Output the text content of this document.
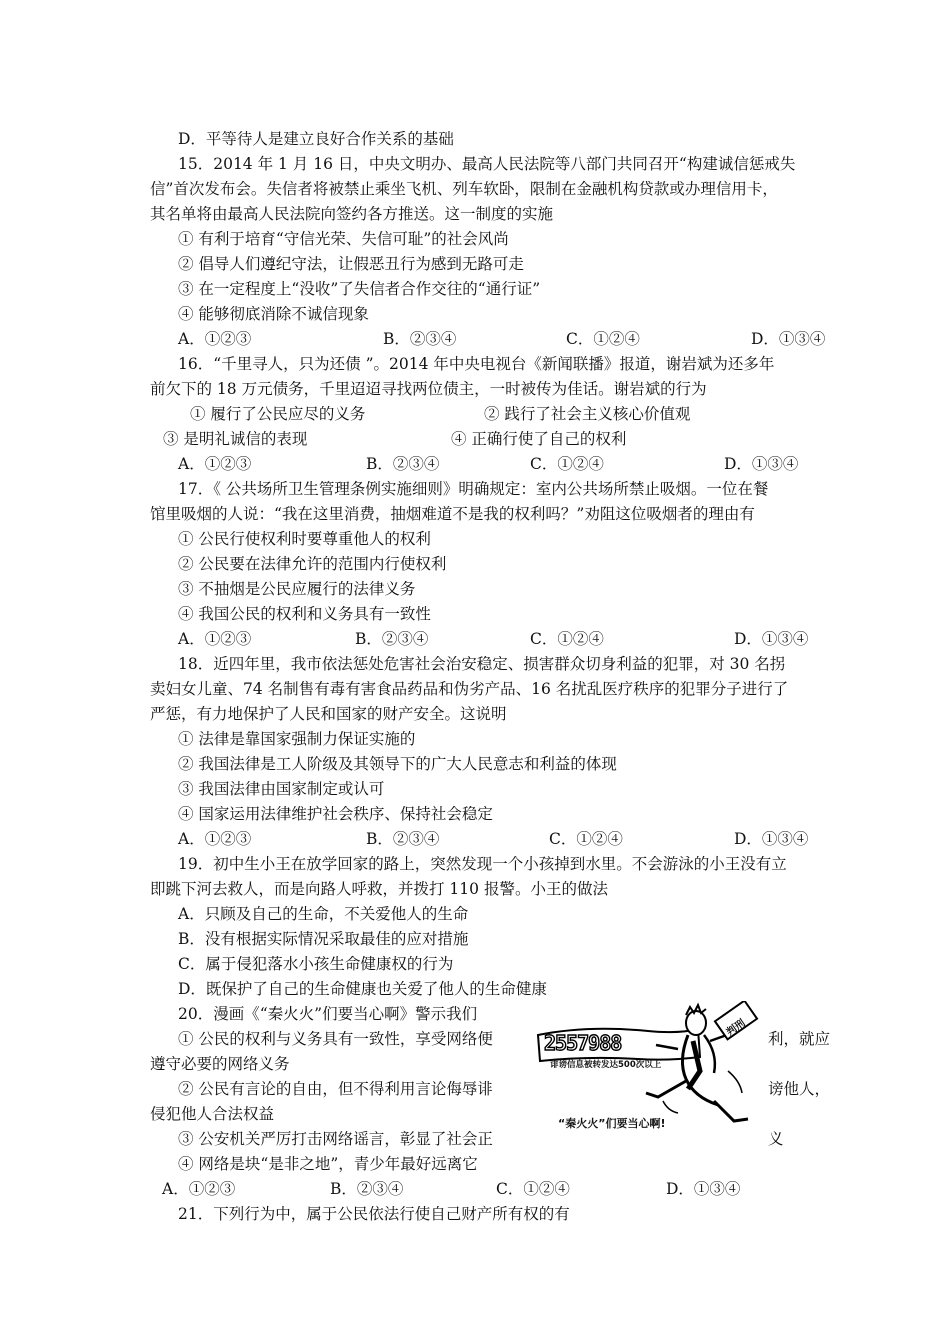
D．平等待人是建立良好合作关系的基础
15．2014 年 1 月 16 日，中央文明办、最高人民法院等八部门共同召开“构建诚信惩戒失
信”首次发布会。失信者将被禁止乘坐飞机、列车软卧，限制在金融机构贷款或办理信用卡，
其名单将由最高人民法院向签约各方推送。这一制度的实施
① 有利于培育“守信光荣、失信可耻”的社会风尚
② 倡导人们遵纪守法，让假恶丑行为感到无路可走
③ 在一定程度上“没收”了失信者合作交往的“通行证”
④ 能够彻底消除不诚信现象
A．①②③	B．②③④	C．①②④	D．①③④
16．“千里寻人，只为还债 ”。2014 年中央电视台《新闻联播》报道，谢岩斌为还多年
前欠下的 18 万元债务，千里迢迢寻找两位债主，一时被传为佳话。谢岩斌的行为
① 履行了公民应尽的义务	② 践行了社会主义核心价值观
③ 是明礼诚信的表现	④ 正确行使了自己的权利
A．①②③	B．②③④	C．①②④	D．①③④
17．《 公共场所卫生管理条例实施细则》明确规定：室内公共场所禁止吸烟。一位在餐
馆里吸烟的人说：“我在这里消费，抽烟难道不是我的权利吗？”劝阻这位吸烟者的理由有
① 公民行使权利时要尊重他人的权利
② 公民要在法律允许的范围内行使权利
③ 不抽烟是公民应履行的法律义务
④ 我国公民的权利和义务具有一致性
A．①②③	B．②③④	C．①②④	D．①③④
18．近四年里，我市依法惩处危害社会治安稳定、损害群众切身利益的犯罪，对 30 名拐
卖妇女儿童、74 名制售有毒有害食品药品和伪劣产品、16 名扰乱医疗秩序的犯罪分子进行了
严惩，有力地保护了人民和国家的财产安全。这说明
① 法律是靠国家强制力保证实施的
② 我国法律是工人阶级及其领导下的广大人民意志和利益的体现
③ 我国法律由国家制定或认可
④ 国家运用法律维护社会秩序、保持社会稳定
A．①②③	B．②③④	C．①②④	D．①③④
19．初中生小王在放学回家的路上，突然发现一个小孩掉到水里。不会游泳的小王没有立
即跳下河去救人，而是向路人呼救，并拨打 110 报警。小王的做法
A．只顾及自己的生命，不关爱他人的生命
B．没有根据实际情况采取最佳的应对措施
C．属于侵犯落水小孩生命健康权的行为
D．既保护了自己的生命健康也关爱了他人的生命健康
20．漫画《“秦火火”们要当心啊》警示我们
① 公民的权利与义务具有一致性，享受网络便	利，就应
遵守必要的网络义务
② 公民有言论的自由，但不得利用言论侮辱诽	谤他人，
侵犯他人合法权益
③ 公安机关严厉打击网络谣言，彰显了社会正	义
④ 网络是块“是非之地”，青少年最好远离它
A．①②③	B．②③④	C．①②④	D．①③④
2557988
诽谤信息被转发达500次以上
判刑
“秦火火”们要当心啊!
21．下列行为中，属于公民依法行使自己财产所有权的有
